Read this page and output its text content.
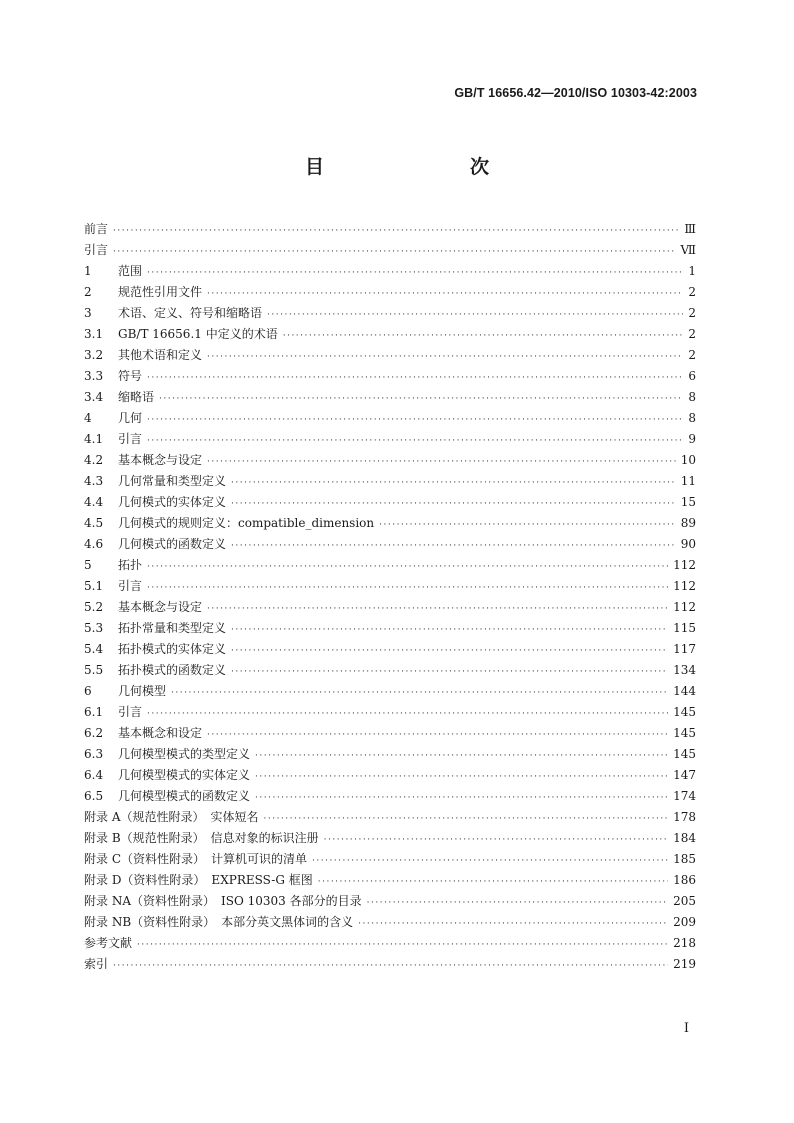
GB/T 16656.42—2010/ISO 10303-42:2003
目　　次
前言 ·····	Ⅲ
引言 ·····	Ⅶ
1	范围 ·····	1
2	规范性引用文件 ·····	2
3	术语、定义、符号和缩略语 ·····	2
3.1	GB/T 16656.1 中定义的术语 ·····	2
3.2	其他术语和定义 ·····	2
3.3	符号 ·····	6
3.4	缩略语 ·····	8
4	几何 ·····	8
4.1	引言 ·····	9
4.2	基本概念与设定 ·····	10
4.3	几何常量和类型定义 ·····	11
4.4	几何模式的实体定义 ·····	15
4.5	几何模式的规则定义：compatible_dimension ·····	89
4.6	几何模式的函数定义 ·····	90
5	拓扑 ·····	112
5.1	引言 ·····	112
5.2	基本概念与设定 ·····	112
5.3	拓扑常量和类型定义 ·····	115
5.4	拓扑模式的实体定义 ·····	117
5.5	拓扑模式的函数定义 ·····	134
6	几何模型 ·····	144
6.1	引言 ·····	145
6.2	基本概念和设定 ·····	145
6.3	几何模型模式的类型定义 ·····	145
6.4	几何模型模式的实体定义 ·····	147
6.5	几何模型模式的函数定义 ·····	174
附录 A（规范性附录）　实体短名 ·····	178
附录 B（规范性附录）　信息对象的标识注册 ·····	184
附录 C（资料性附录）　计算机可识的清单 ·····	185
附录 D（资料性附录）　EXPRESS-G 框图 ·····	186
附录 NA（资料性附录）　ISO 10303 各部分的目录 ·····	205
附录 NB（资料性附录）　本部分英文黑体词的含义 ·····	209
参考文献 ·····	218
索引 ·····	219
Ⅰ
